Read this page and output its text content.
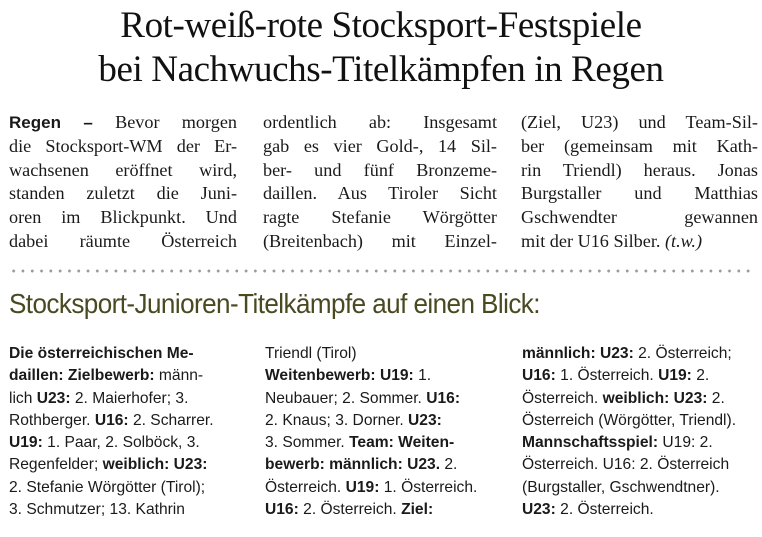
Rot-weiß-rote Stocksport-Festspiele
bei Nachwuchs-Titelkämpfen in Regen
Regen – Bevor morgen
die Stocksport-WM der Er-
wachsenen eröffnet wird,
standen zuletzt die Juni-
oren im Blickpunkt. Und
dabei räumte Österreich
ordentlich ab: Insgesamt
gab es vier Gold-, 14 Sil-
ber- und fünf Bronzeme-
daillen. Aus Tiroler Sicht
ragte Stefanie Wörgötter
(Breitenbach) mit Einzel-
(Ziel, U23) und Team-Sil-
ber (gemeinsam mit Kath-
rin Triendl) heraus. Jonas
Burgstaller und Matthias
Gschwendter gewannen
mit der U16 Silber. (t.w.)
Stocksport-Junioren-Titelkämpfe auf einen Blick:
Die österreichischen Me-
daillen: Zielbewerb: männ-
lich U23: 2. Maierhofer; 3.
Rothberger. U16: 2. Scharrer.
U19: 1. Paar, 2. Solböck, 3.
Regenfelder; weiblich: U23:
2. Stefanie Wörgötter (Tirol);
3. Schmutzer; 13. Kathrin
Triendl (Tirol)
Weitenbewerb: U19: 1.
Neubauer; 2. Sommer. U16:
2. Knaus; 3. Dorner. U23:
3. Sommer. Team: Weiten-
bewerb: männlich: U23. 2.
Österreich. U19: 1. Österreich.
U16: 2. Österreich. Ziel:
männlich: U23: 2. Österreich;
U16: 1. Österreich. U19: 2.
Österreich. weiblich: U23: 2.
Österreich (Wörgötter, Triendl).
Mannschaftsspiel: U19: 2.
Österreich. U16: 2. Österreich
(Burgstaller, Gschwendtner).
U23: 2. Österreich.
